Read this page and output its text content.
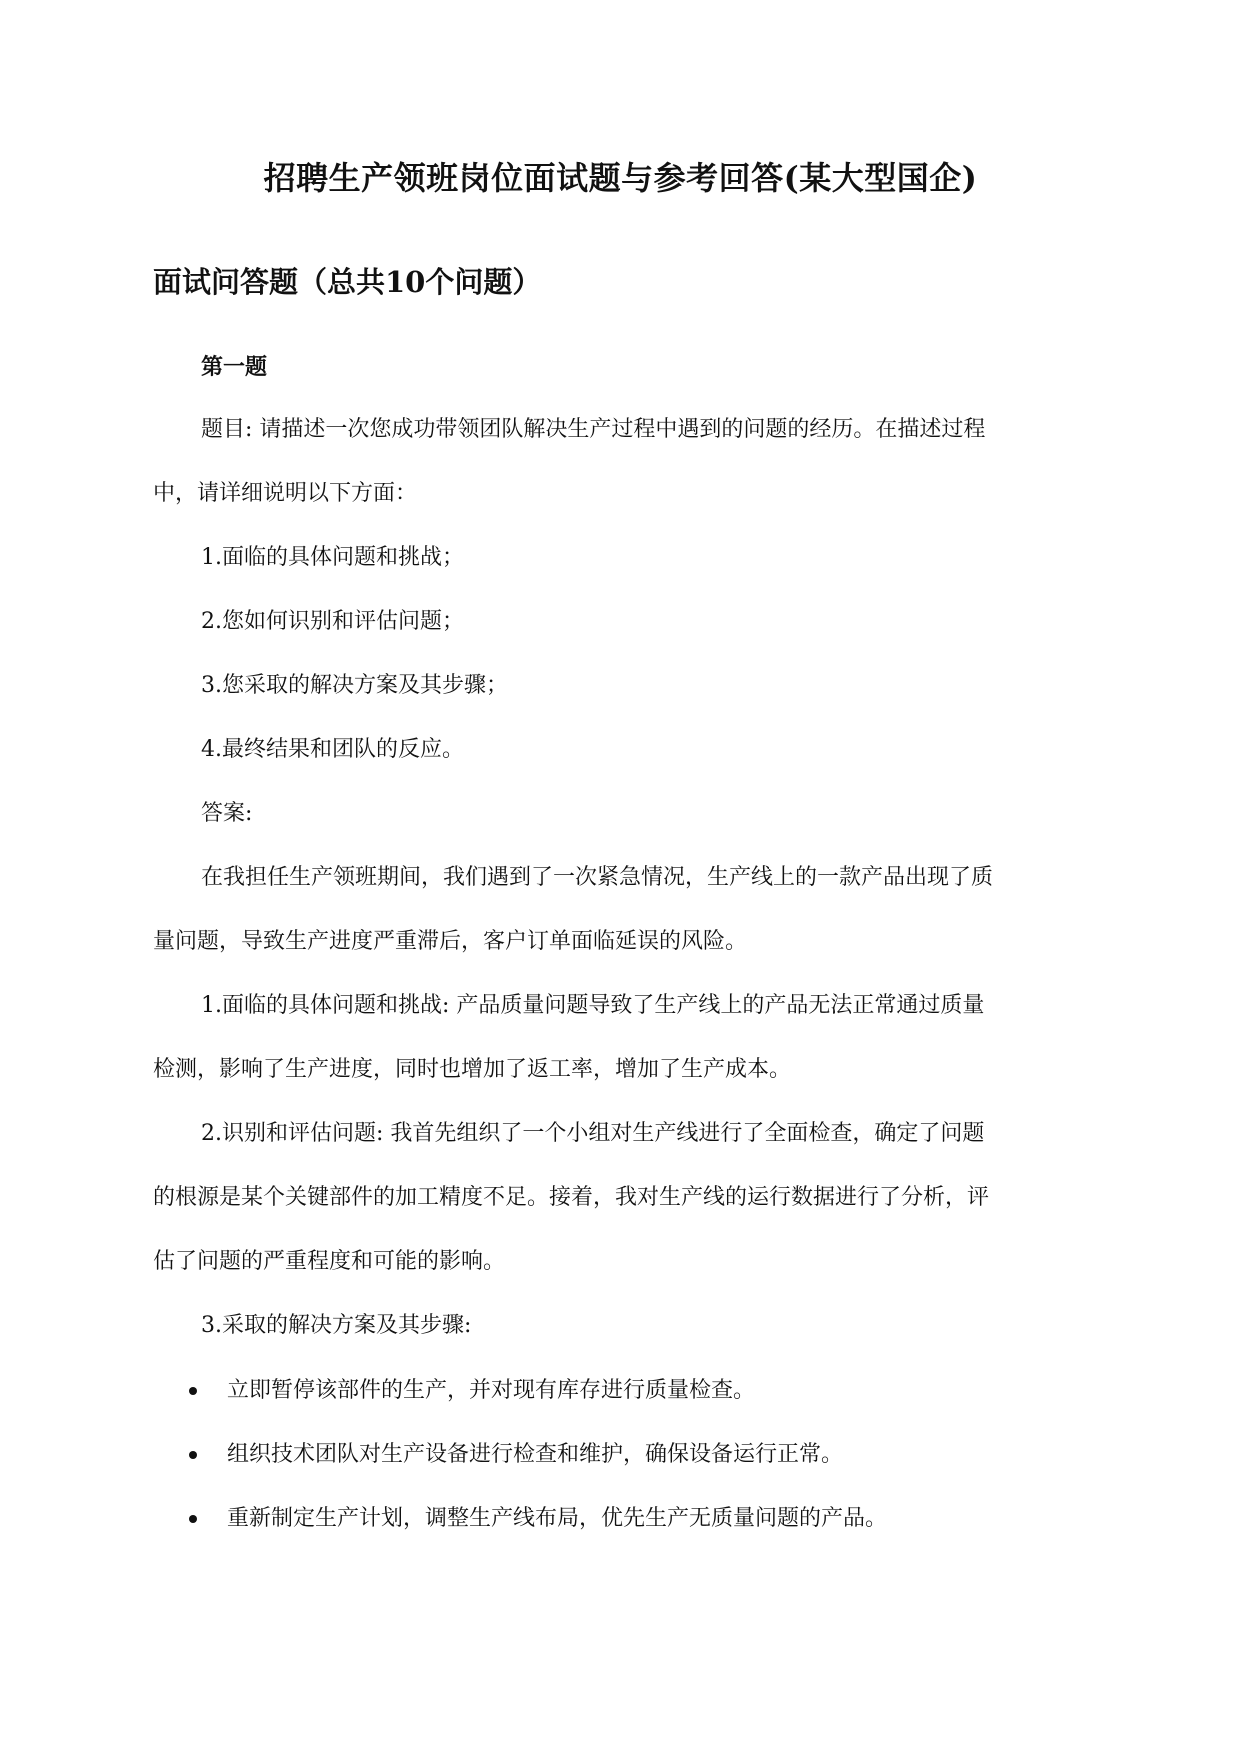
招聘生产领班岗位面试题与参考回答(某大型国企)
面试问答题（总共10个问题）
第一题
题目: 请描述一次您成功带领团队解决生产过程中遇到的问题的经历。在描述过程
中，请详细说明以下方面：
1.面临的具体问题和挑战；
2.您如何识别和评估问题；
3.您采取的解决方案及其步骤；
4.最终结果和团队的反应。
答案:
在我担任生产领班期间，我们遇到了一次紧急情况，生产线上的一款产品出现了质
量问题，导致生产进度严重滞后，客户订单面临延误的风险。
1.面临的具体问题和挑战: 产品质量问题导致了生产线上的产品无法正常通过质量
检测，影响了生产进度，同时也增加了返工率，增加了生产成本。
2.识别和评估问题: 我首先组织了一个小组对生产线进行了全面检查，确定了问题
的根源是某个关键部件的加工精度不足。接着，我对生产线的运行数据进行了分析，评
估了问题的严重程度和可能的影响。
3.采取的解决方案及其步骤:
立即暂停该部件的生产，并对现有库存进行质量检查。
组织技术团队对生产设备进行检查和维护，确保设备运行正常。
重新制定生产计划，调整生产线布局，优先生产无质量问题的产品。
